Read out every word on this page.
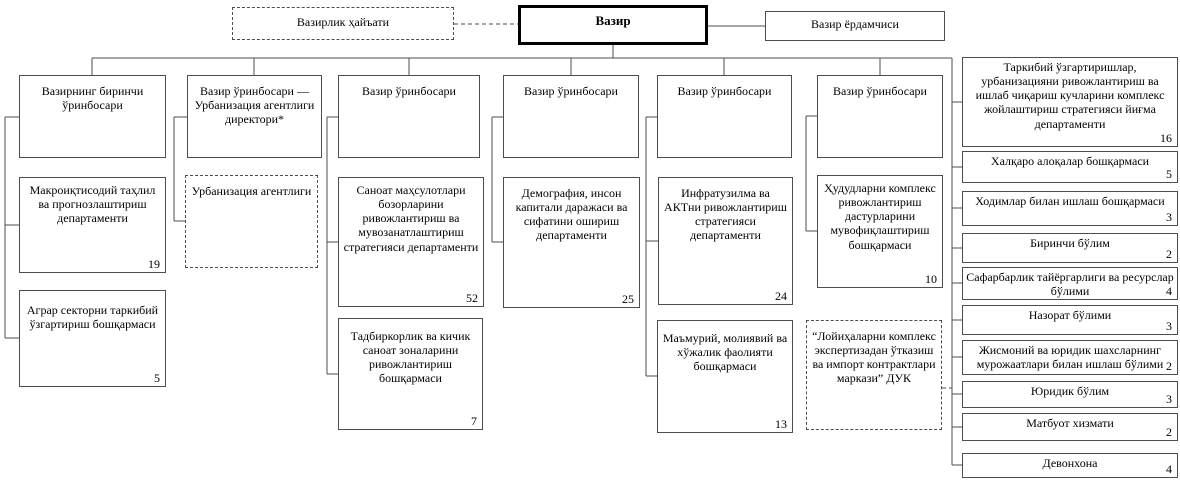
Вазирлик ҳайъати	Вазир	Вазир ёрдамчиси
Вазирнинг биринчи ўринбосари
Вазир ўринбосари — Урбанизация агентлиги директори*
Вазир ўринбосари	Вазир ўринбосари	Вазир ўринбосари	Вазир ўринбосари
Макроиқтисодий таҳлил ва прогнозлаштириш департаменти
19
Аграр секторни таркибий ўзгартириш бошқармаси
5
Урбанизация агентлиги	Саноат маҳсулотлари бозорларини ривожлантириш ва мувозанатлаштириш стратегияси департаменти
52
Тадбиркорлик ва кичик саноат зоналарини ривожлантириш бошқармаси
7
Демография, инсон капитали даражаси ва сифатини ошириш департаменти
25
Инфратузилма ва АКТни ривожлантириш стратегияси департаменти
24
Маъмурий, молиявий ва хўжалик фаолияти бошқармаси
13
Ҳудудларни комплекс ривожлантириш дастурларини мувофиқлаштириш бошқармаси
10
“Лойиҳаларни комплекс экспертизадан ўтказиш ва импорт контрактлари маркази” ДУК
Таркибий ўзгартиришлар, урбанизацияни ривожлантириш ва ишлаб чиқариш кучларини комплекс жойлаштириш стратегияси йиғма департаменти
16
Халқаро алоқалар бошқармаси
5
Ходимлар билан ишлаш бошқармаси
3
Биринчи бўлим
2
Сафарбарлик тайёргарлиги ва ресурслар бўлими	4
Назорат бўлими
3
Жисмоний ва юридик шахсларнинг мурожаатлари билан ишлаш бўлими 2
Юридик бўлим
3
Матбуот хизмати
2
Девонхона	4
